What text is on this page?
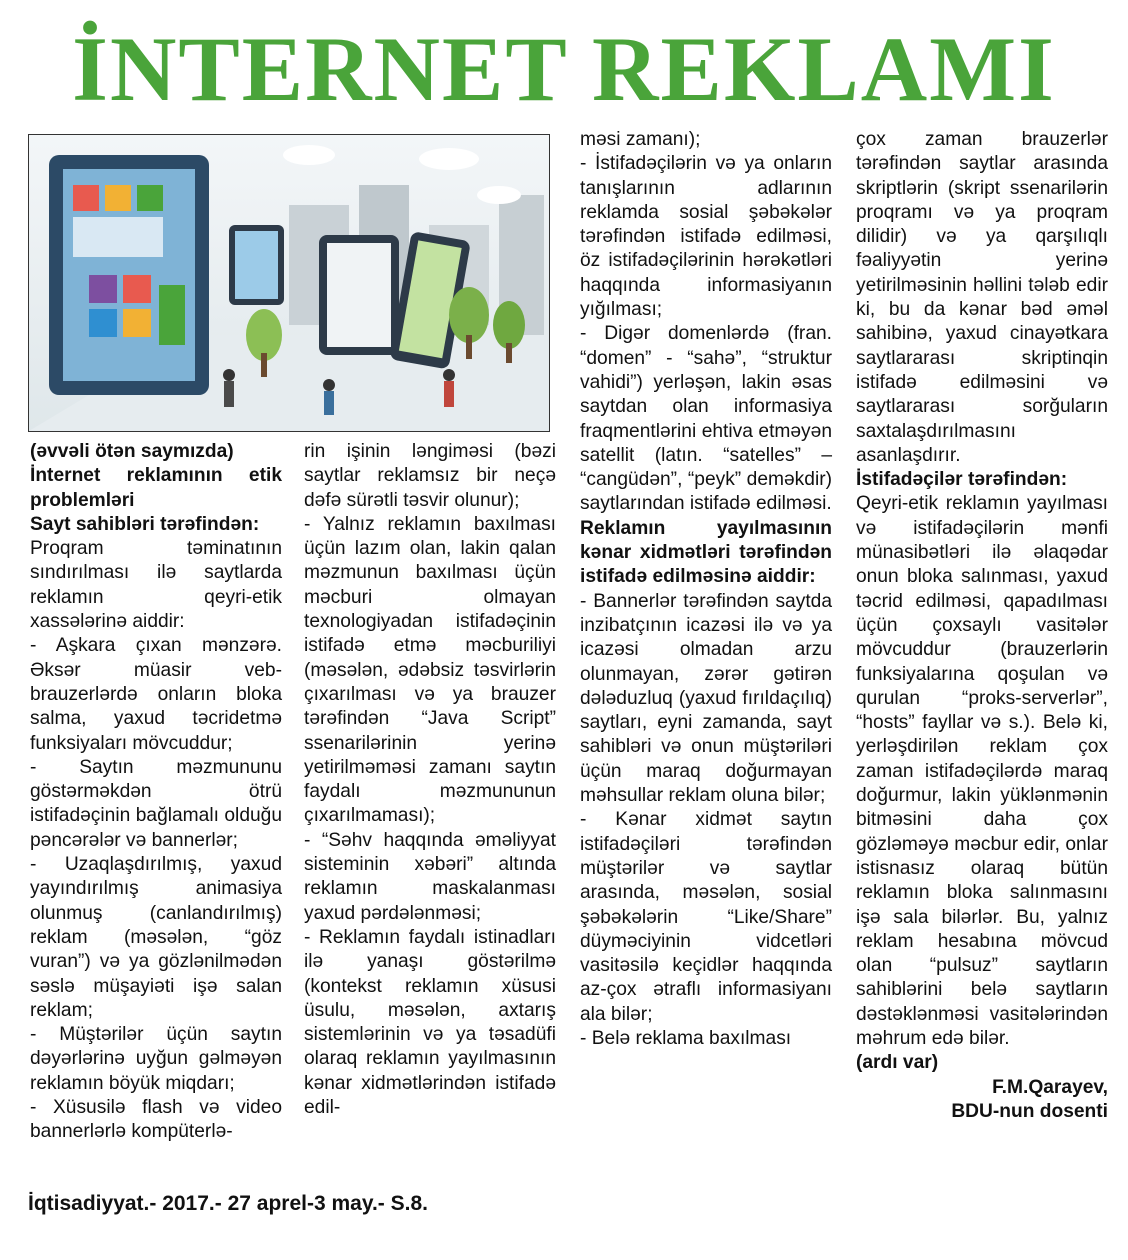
İNTERNET REKLAMI

(əvvəli ötən saymızda)

İnternet reklamının etik problemləri

Sayt sahibləri tərəfindən:

Proqram təminatının sındırılması ilə saytlarda reklamın qeyri-etik xassələrinə aiddir:

- Aşkara çıxan mənzərə. Əksər müasir veb-brauzerlərdə onların bloka salma, yaxud təcridetmə funksiyaları mövcuddur;

- Saytın məzmununu göstərməkdən ötrü istifadəçinin bağlamalı olduğu pəncərələr və bannerlər;

- Uzaqlaşdırılmış, yaxud yayındırılmış animasiya olunmuş (canlandırılmış) reklam (məsələn, “göz vuran”) və ya gözlənilmədən səslə müşayiəti işə salan reklam;

- Müştərilər üçün saytın dəyərlərinə uyğun gəlməyən reklamın böyük miqdarı;

- Xüsusilə flash və video bannerlərlə kompüterlə-

rin işinin ləngiməsi (bəzi saytlar reklamsız bir neçə dəfə sürətli təsvir olunur);

- Yalnız reklamın baxılması üçün lazım olan, lakin qalan məzmunun baxılması üçün məcburi olmayan texnologiyadan istifadəçinin istifadə etmə məcburiliyi (məsələn, ədəbsiz təsvirlərin çıxarılması və ya brauzer tərəfindən “Java Script” ssenarilərinin yerinə yetirilməməsi zamanı saytın faydalı məzmununun çıxarılmaması);

- “Səhv haqqında əməliyyat sisteminin xəbəri” altında reklamın maskalanması yaxud pərdələnməsi;

- Reklamın faydalı istinadları ilə yanaşı göstərilmə (kontekst reklamın xüsusi üsulu, məsələn, axtarış sistemlərinin və ya təsadüfi olaraq reklamın yayılmasının kənar xidmətlərindən istifadə edil-

məsi zamanı);

- İstifadəçilərin və ya onların tanışlarının adlarının reklamda sosial şəbəkələr tərəfindən istifadə edilməsi, öz istifadəçilərinin hərəkətləri haqqında informasiyanın yığılması;

- Digər domenlərdə (fran. “domen” - “sahə”, “struktur vahidi”) yerləşən, lakin əsas saytdan olan informasiya fraqmentlərini ehtiva etməyən satellit (latın. “satelles” – “cangüdən”, “peyk” deməkdir) saytlarından istifadə edilməsi.

Reklamın yayılmasının kənar xidmətləri tərəfindən istifadə edilməsinə aiddir:

- Bannerlər tərəfindən saytda inzibatçının icazəsi ilə və ya icazəsi olmadan arzu olunmayan, zərər gətirən dələduzluq (yaxud fırıldaçılıq) saytları, eyni zamanda, sayt sahibləri və onun müştəriləri üçün maraq doğurmayan məhsullar reklam oluna bilər;

- Kənar xidmət saytın istifadəçiləri tərəfindən müştərilər və saytlar arasında, məsələn, sosial şəbəkələrin “Like/Share” düyməciyinin vidcetləri vasitəsilə keçidlər haqqında az-çox ətraflı informasiyanı ala bilər;

- Belə reklama baxılması

çox zaman brauzerlər tərəfindən saytlar arasında skriptlərin (skript ssenarilərin proqramı və ya proqram dilidir) və ya qarşılıqlı fəaliyyətin yerinə yetirilməsinin həllini tələb edir ki, bu da kənar bəd əməl sahibinə, yaxud cinayətkara saytlararası skriptinqin istifadə edilməsini və saytlararası sorğuların saxtalaşdırılmasını asanlaşdırır.

İstifadəçilər tərəfindən:

Qeyri-etik reklamın yayılması və istifadəçilərin mənfi münasibətləri ilə əlaqədar onun bloka salınması, yaxud təcrid edilməsi, qapadılması üçün çoxsaylı vasitələr mövcuddur (brauzerlərin funksiyalarına qoşulan və qurulan “proks-serverlər”, “hosts” fayllar və s.). Belə ki, yerləşdirilən reklam çox zaman istifadəçilərdə maraq doğurmur, lakin yüklənmənin bitməsini daha çox gözləməyə məcbur edir, onlar istisnasız olaraq bütün reklamın bloka salınmasını işə sala bilərlər. Bu, yalnız reklam hesabına mövcud olan “pulsuz” saytların sahiblərini belə saytların dəstəklənməsi vasitələrindən məhrum edə bilər.

(ardı var)

F.M.Qarayev,

BDU-nun dosenti

İqtisadiyyat.- 2017.- 27 aprel-3 may.- S.8.
